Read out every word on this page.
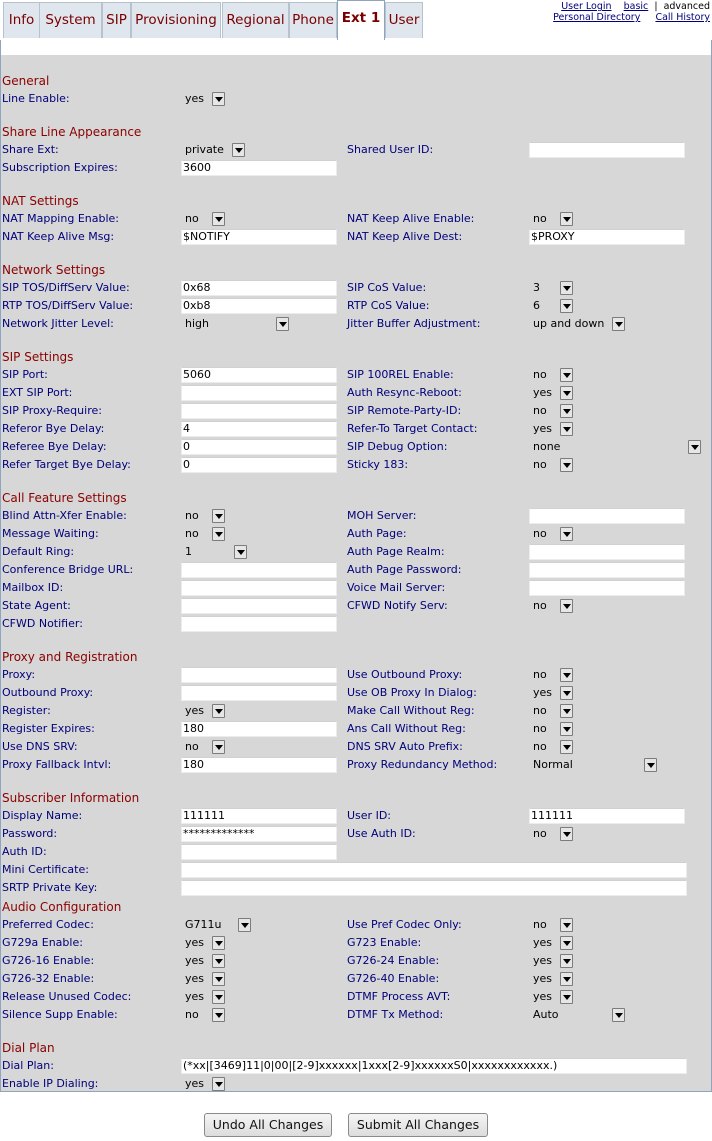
Info System SIP Provisioning Regional Phone Ext 1 User
User Login basic | advanced
Personal Directory Call History
General
Line Enable:	yes
Share Line Appearance
Share Ext:	private	Shared User ID:
Subscription Expires:	3600
NAT Settings
NAT Mapping Enable:	no	NAT Keep Alive Enable:	no
NAT Keep Alive Msg:	$NOTIFY	NAT Keep Alive Dest:	$PROXY
Network Settings
SIP TOS/DiffServ Value:	0x68	SIP CoS Value:	3
RTP TOS/DiffServ Value:	0xb8	RTP CoS Value:	6
Network Jitter Level:	high	Jitter Buffer Adjustment:	up and down
SIP Settings
SIP Port:	5060	SIP 100REL Enable:	no
EXT SIP Port:	Auth Resync-Reboot:	yes
SIP Proxy-Require:	SIP Remote-Party-ID:	no
Referor Bye Delay:	4	Refer-To Target Contact:	yes
Referee Bye Delay:	0	SIP Debug Option:	none
Refer Target Bye Delay:	0	Sticky 183:	no
Call Feature Settings
Blind Attn-Xfer Enable:	no	MOH Server:
Message Waiting:	no	Auth Page:	no
Default Ring:	1	Auth Page Realm:
Conference Bridge URL:	Auth Page Password:
Mailbox ID:	Voice Mail Server:
State Agent:	CFWD Notify Serv:	no
CFWD Notifier:
Proxy and Registration
Proxy:	Use Outbound Proxy:	no
Outbound Proxy:	Use OB Proxy In Dialog:	yes
Register:	yes	Make Call Without Reg:	no
Register Expires:	180	Ans Call Without Reg:	no
Use DNS SRV:	no	DNS SRV Auto Prefix:	no
Proxy Fallback Intvl:	180	Proxy Redundancy Method:	Normal
Subscriber Information
Display Name:	111111	User ID:	111111
Password:	*************	Use Auth ID:	no
Auth ID:
Mini Certificate:
SRTP Private Key:
Audio Configuration
Preferred Codec:	G711u	Use Pref Codec Only:	no
G729a Enable:	yes	G723 Enable:	yes
G726-16 Enable:	yes	G726-24 Enable:	yes
G726-32 Enable:	yes	G726-40 Enable:	yes
Release Unused Codec:	yes	DTMF Process AVT:	yes
Silence Supp Enable:	no	DTMF Tx Method:	Auto
Dial Plan
Dial Plan:	(*xx|[3469]11|0|00|[2-9]xxxxxx|1xxx[2-9]xxxxxxS0|xxxxxxxxxxxx.)
Enable IP Dialing:	yes
Undo All Changes	Submit All Changes
